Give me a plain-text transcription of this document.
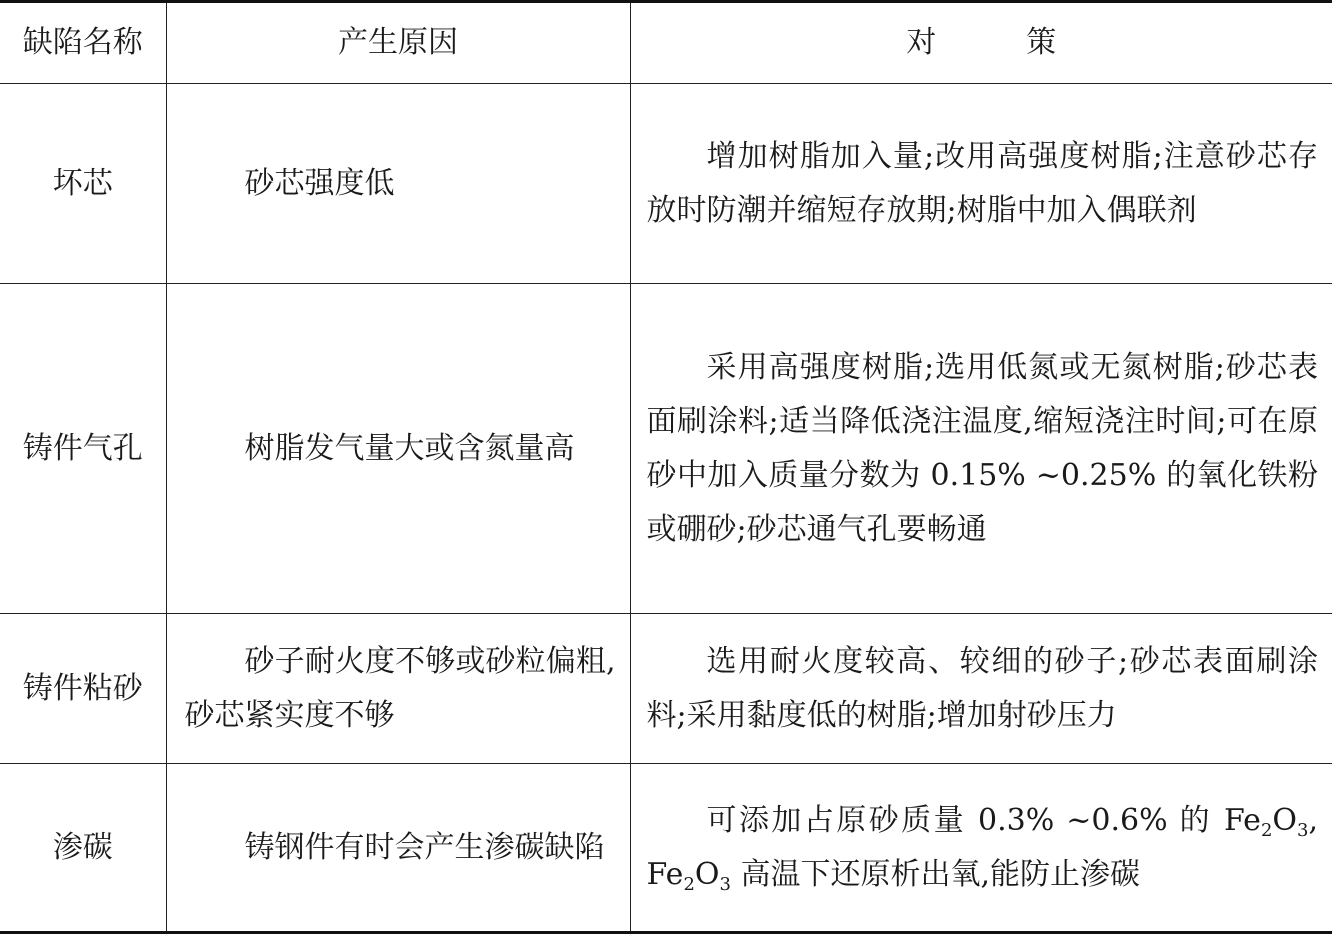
缺陷名称	产生原因	对 策
坏芯	砂芯强度低	增加树脂加入量;改用高强度树脂;注意砂芯存放时防潮并缩短存放期;树脂中加入偶联剂

铸件气孔	树脂发气量大或含氮量高	采用高强度树脂;选用低氮或无氮树脂;砂芯表面刷涂料;适当降低浇注温度,缩短浇注时间;可在原砂中加入质量分数为 0.15% ~0.25% 的氧化铁粉或硼砂;砂芯通气孔要畅通

铸件粘砂	砂子耐火度不够或砂粒偏粗,砂芯紧实度不够	选用耐火度较高、较细的砂子;砂芯表面刷涂料;采用黏度低的树脂;增加射砂压力

渗碳	铸钢件有时会产生渗碳缺陷	可添加占原砂质量 0.3% ~0.6% 的 $Fe_2O_3$, $Fe_2O_3$ 高温下还原析出氧,能防止渗碳
